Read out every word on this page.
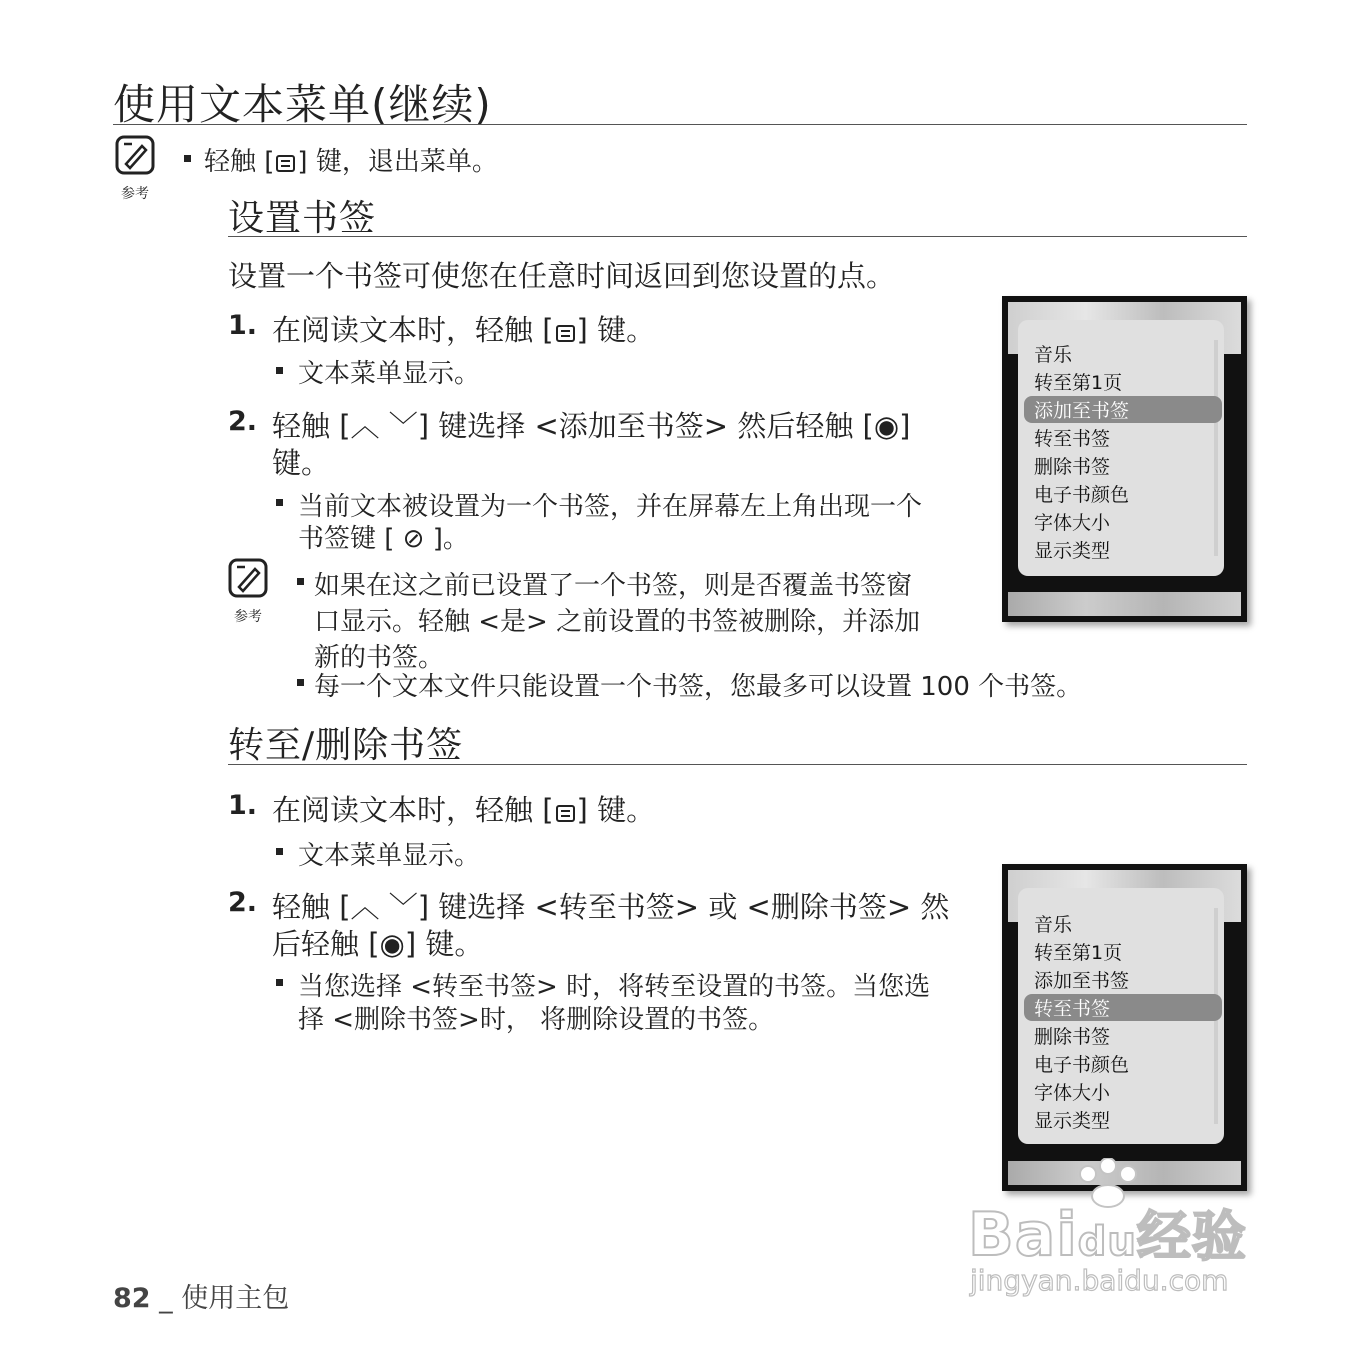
使用文本菜单(继续)
参考
轻触 [ ] 键，退出菜单。
设置书签
设置一个书签可使您在任意时间返回到您设置的点。
1. 在阅读文本时，轻触 [ ] 键。
文本菜单显示。
2. 轻触 [︿ ﹀] 键选择 <添加至书签> 然后轻触 [◉]
键。
当前文本被设置为一个书签，并在屏幕左上角出现一个
书签键 [ ⊘ ]。
参考
如果在这之前已设置了一个书签，则是否覆盖书签窗
口显示。轻触 <是> 之前设置的书签被删除，并添加
新的书签。
每一个文本文件只能设置一个书签，您最多可以设置 100 个书签。
音乐
转至第1页
添加至书签
转至书签
删除书签
电子书颜色
字体大小
显示类型
转至/删除书签
1. 在阅读文本时，轻触 [ ] 键。
文本菜单显示。
2. 轻触 [︿ ﹀] 键选择 <转至书签> 或 <删除书签> 然
后轻触 [◉] 键。
当您选择 <转至书签> 时，将转至设置的书签。当您选
择 <删除书签>时， 将删除设置的书签。
音乐
转至第1页
添加至书签
转至书签
删除书签
电子书颜色
字体大小
显示类型
82 _ 使用主包
Baidu经验
jingyan.baidu.com
